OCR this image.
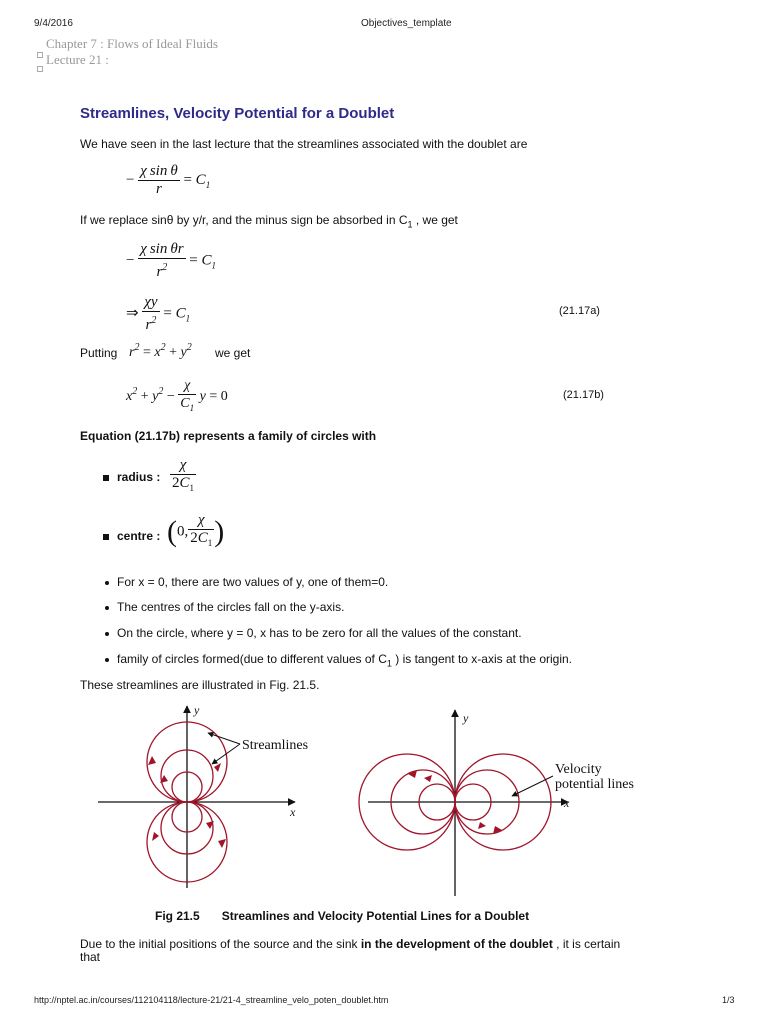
9/4/2016	Objectives_template
Chapter 7 : Flows of Ideal Fluids
Lecture 21 :
Streamlines, Velocity Potential for a Doublet
We have seen in the last lecture that the streamlines associated with the doublet are
− $\frac{\text{χ sin θ}}{r} = C_1$
If we replace sinθ by y/r, and the minus sign be absorbed in $C_1$ , we get
− $\frac{\text{χ sin θr}}{r^2} = C_1$
⇒ $\frac{\chi y}{r^2} = C_1$
(21.17a)
Putting $r^2 = x^2 + y^2$ we get
$x^2 + y^2 - \frac{\chi}{C_1}$ y = 0	(21.17b)
Equation (21.17b) represents a family of circles with
radius : $\frac{\chi}{2C_1}$
centre : (0, $\frac{\chi}{2C_1}$ )
For x = 0, there are two values of y, one of them=0.
The centres of the circles fall on the y-axis.
On the circle, where y = 0, x has to be zero for all the values of the constant.
family of circles formed(due to different values of $C_1$ ) is tangent to x-axis at the origin.
These streamlines are illustrated in Fig. 21.5.
Streamlines
x
y
Velocity
potential lines
x
y
Fig 21.5 Streamlines and Velocity Potential Lines for a Doublet
Due to the initial positions of the source and the sink in the development of the doublet , it is certain
that
http://nptel.ac.in/courses/112104118/lecture-21/21-4_streamline_velo_poten_doublet.htm	1/3
